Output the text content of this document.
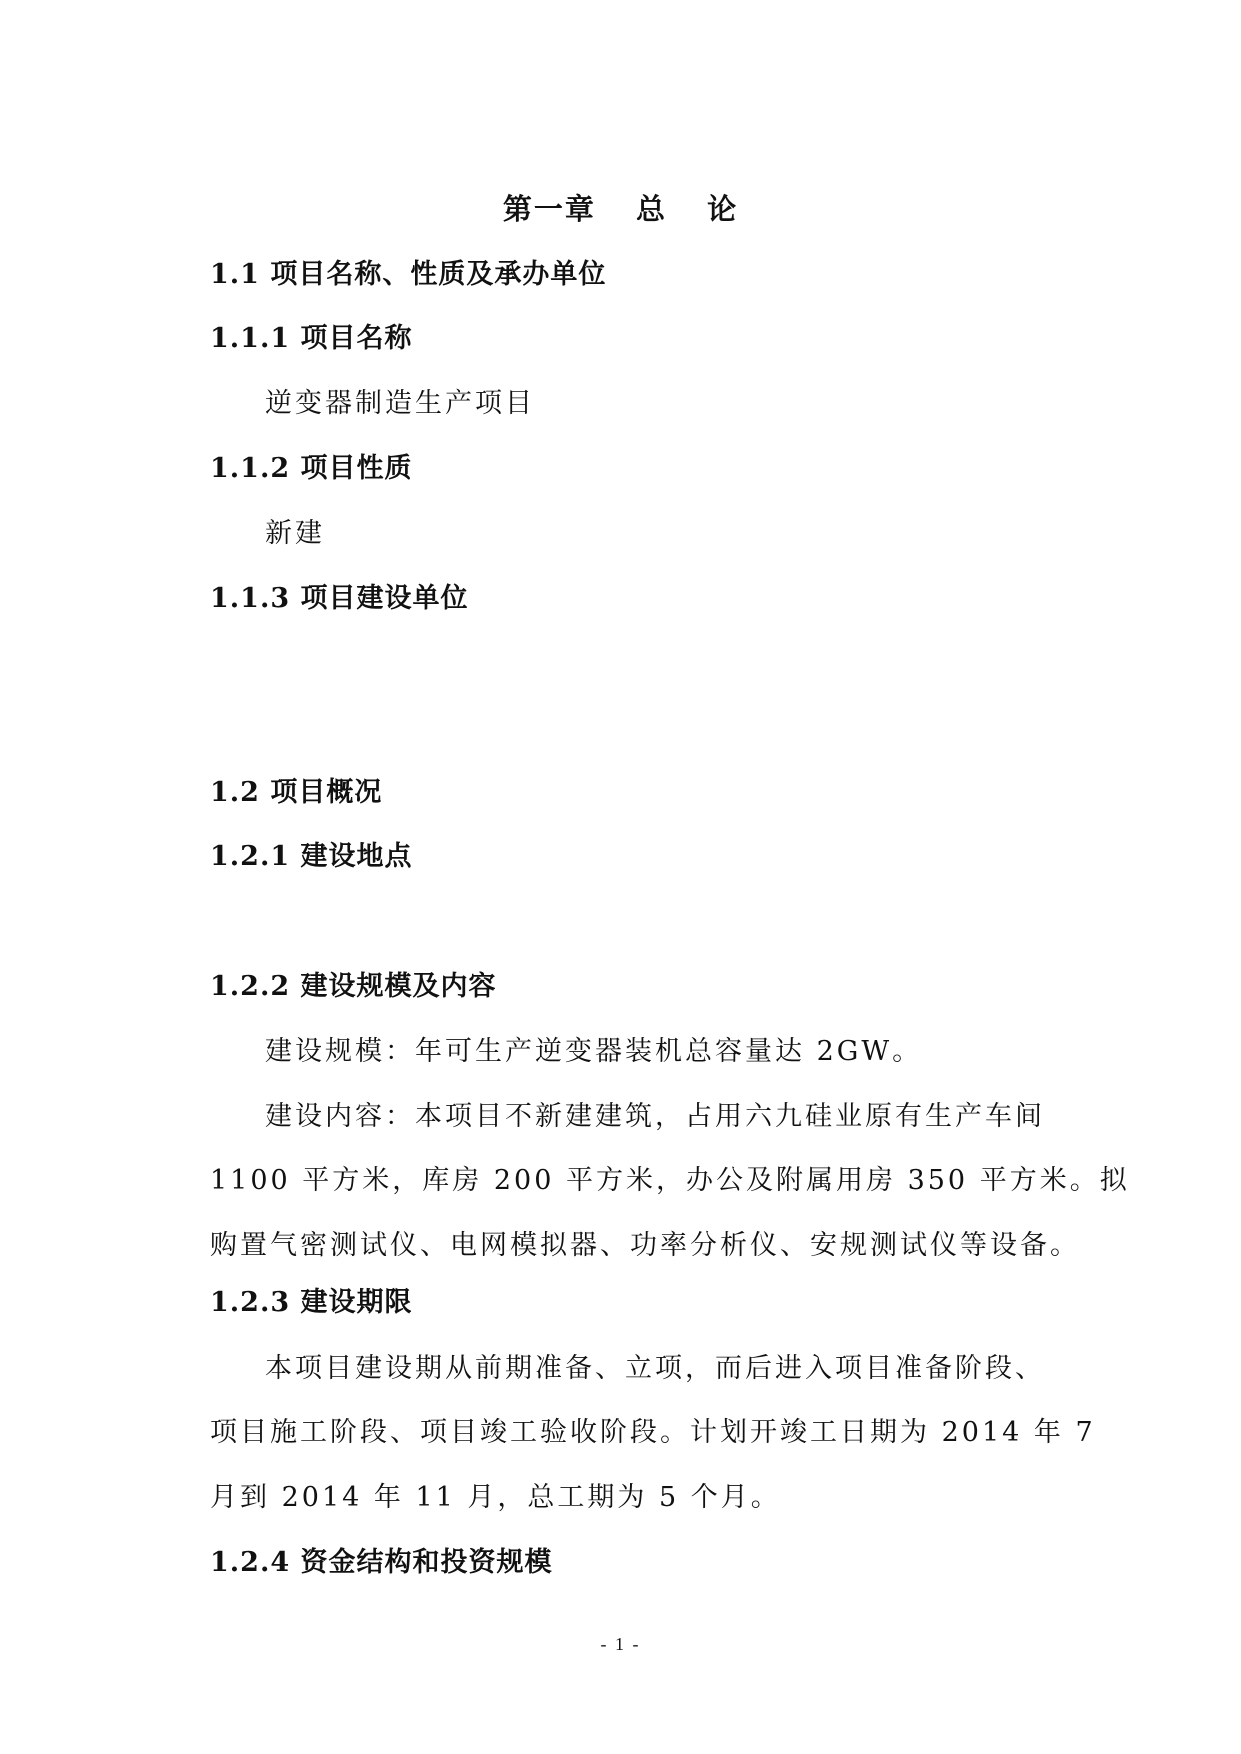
第一章 总 论
1.1 项目名称、性质及承办单位
1.1.1 项目名称
逆变器制造生产项目
1.1.2 项目性质
新建
1.1.3 项目建设单位
1.2 项目概况
1.2.1 建设地点
1.2.2 建设规模及内容
建设规模：年可生产逆变器装机总容量达 2GW。
建设内容：本项目不新建建筑，占用六九硅业原有生产车间
1100 平方米，库房 200 平方米，办公及附属用房 350 平方米。拟
购置气密测试仪、电网模拟器、功率分析仪、安规测试仪等设备。
1.2.3 建设期限
本项目建设期从前期准备、立项，而后进入项目准备阶段、
项目施工阶段、项目竣工验收阶段。计划开竣工日期为 2014 年 7
月到 2014 年 11 月，总工期为 5 个月。
1.2.4 资金结构和投资规模
- 1 -
